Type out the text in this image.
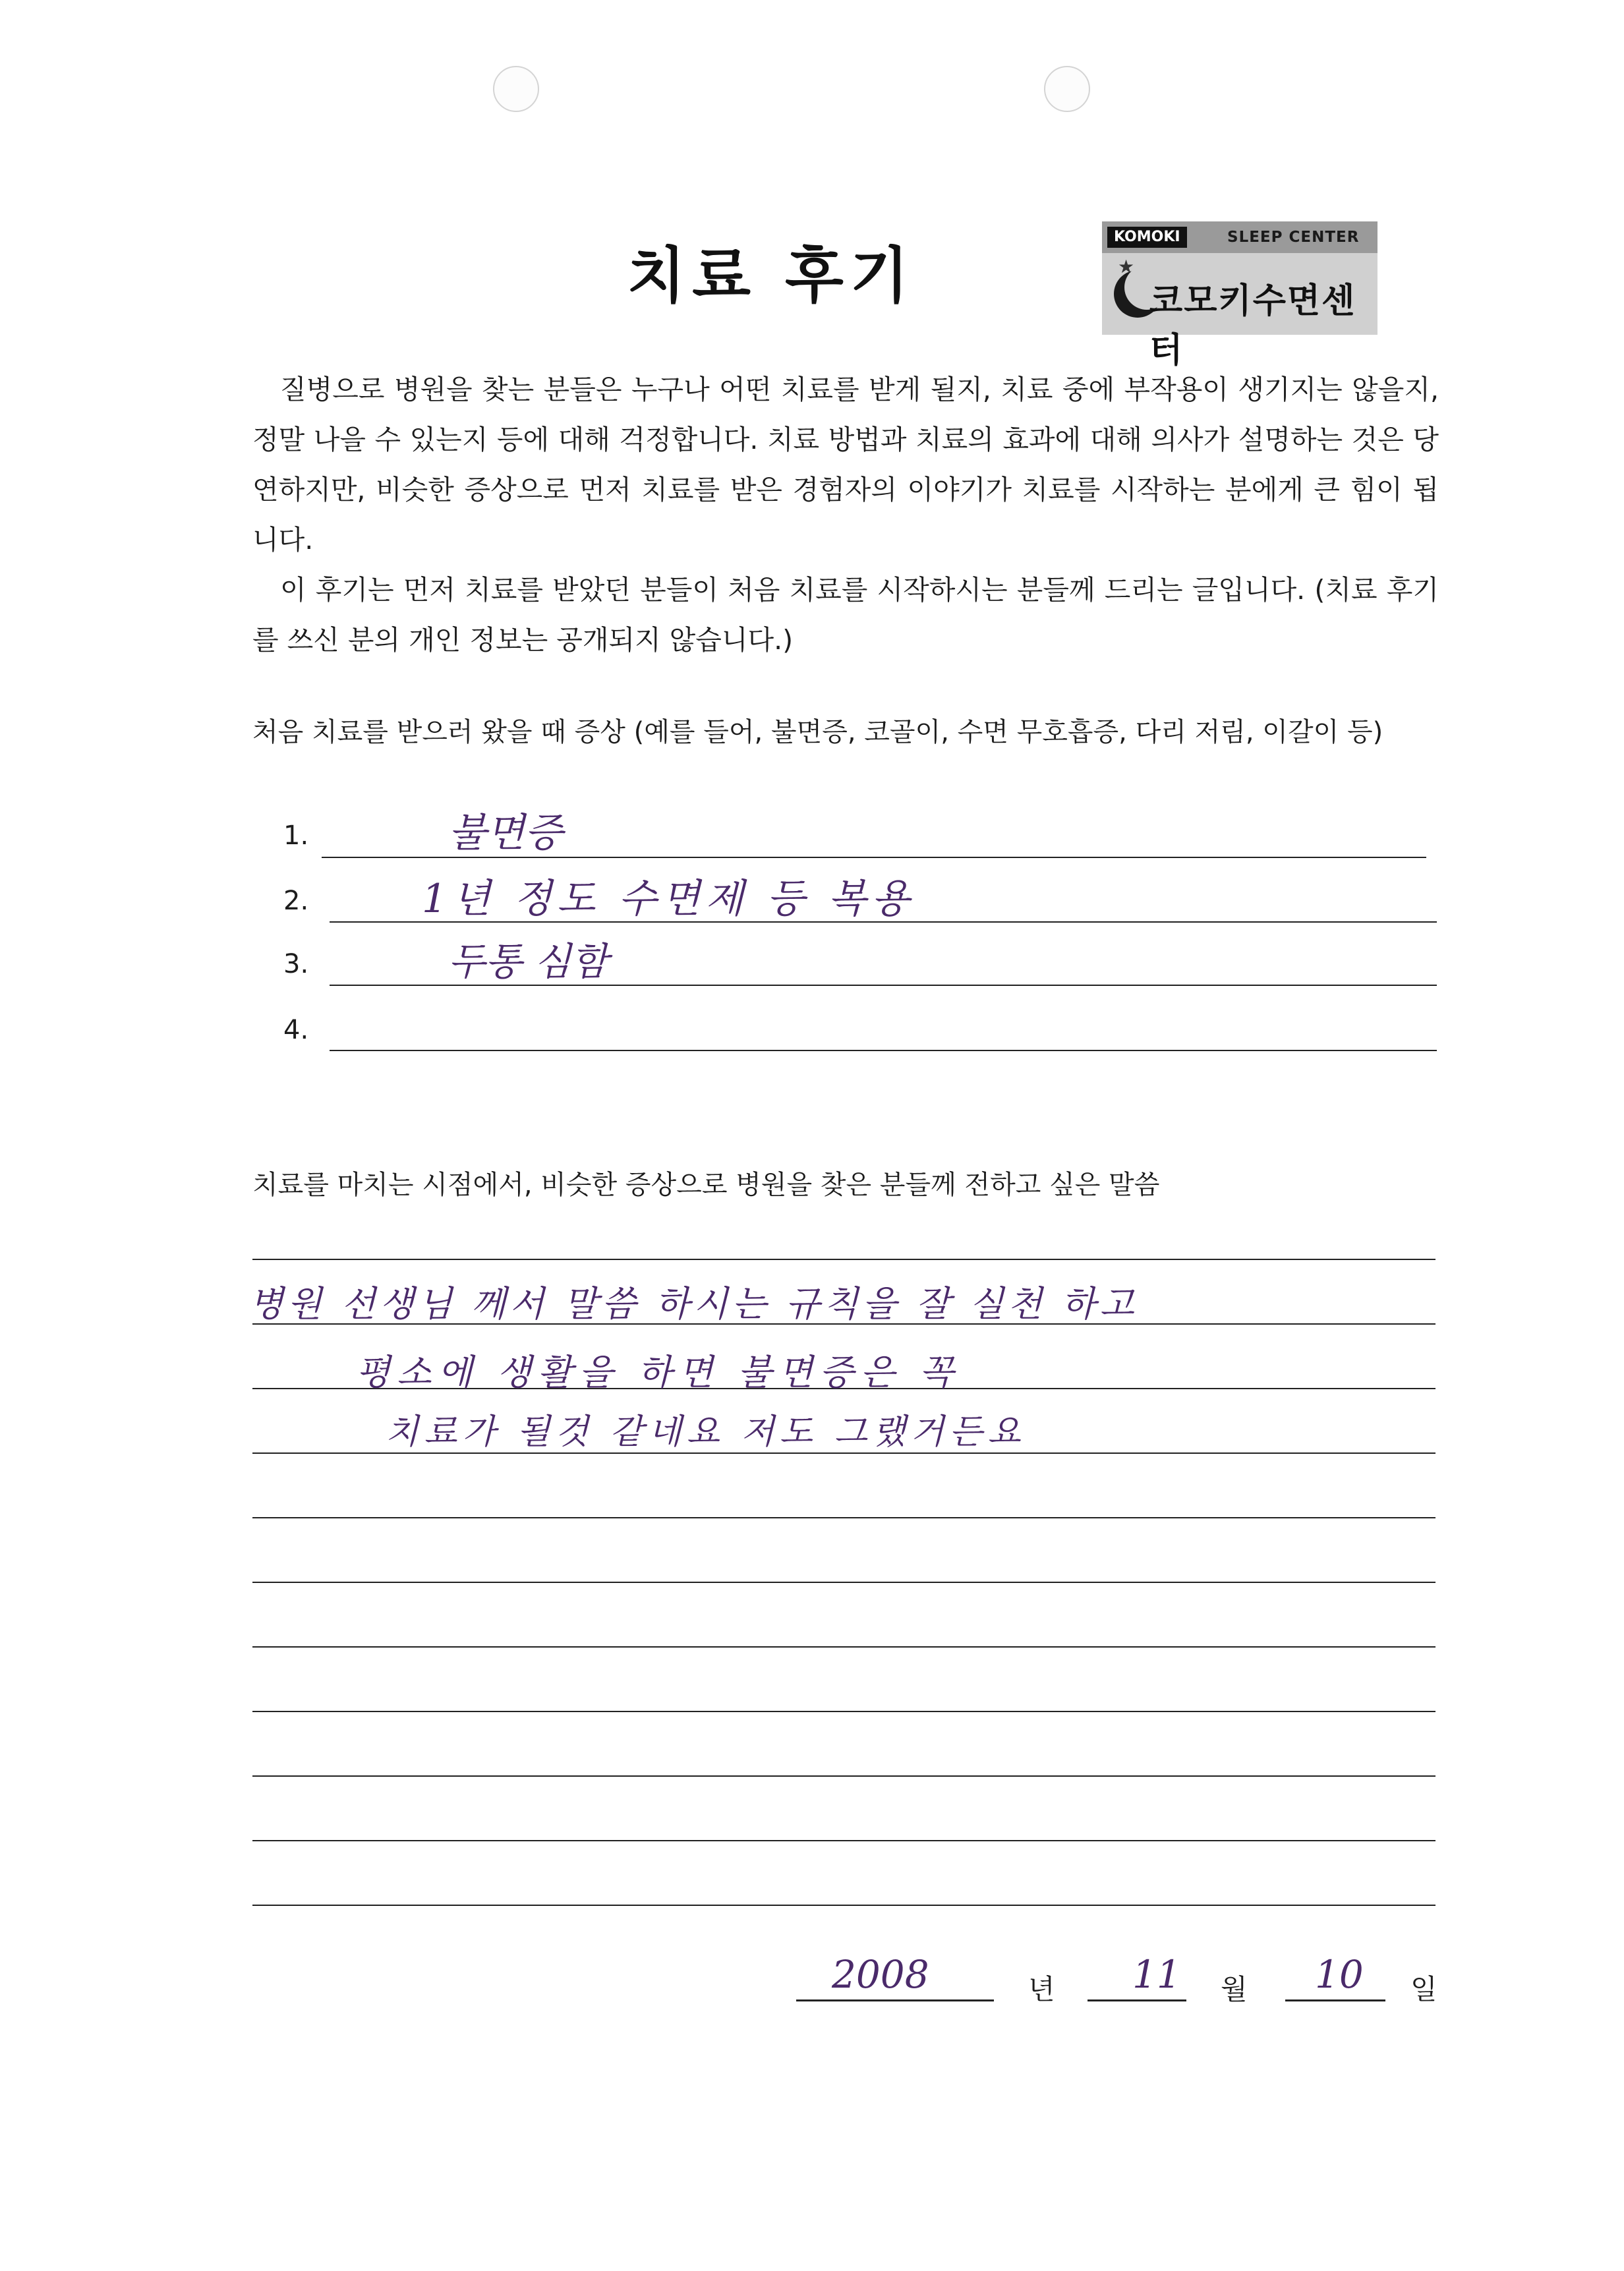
치료 후기
KOMOKI	SLEEP CENTER
★
코모키수면센터

질병으로 병원을 찾는 분들은 누구나 어떤 치료를 받게 될지, 치료 중에 부작용이 생기지는 않을지, 정말 나을 수 있는지 등에 대해 걱정합니다. 치료 방법과 치료의 효과에 대해 의사가 설명하는 것은 당연하지만, 비슷한 증상으로 먼저 치료를 받은 경험자의 이야기가 치료를 시작하는 분에게 큰 힘이 됩니다.

이 후기는 먼저 치료를 받았던 분들이 처음 치료를 시작하시는 분들께 드리는 글입니다. (치료 후기를 쓰신 분의 개인 정보는 공개되지 않습니다.)

처음 치료를 받으러 왔을 때 증상 (예를 들어, 불면증, 코골이, 수면 무호흡증, 다리 저림, 이갈이 등)

1.	불면증
2.	1년 정도 수면제 등 복용
3.	두통 심함
4.

치료를 마치는 시점에서, 비슷한 증상으로 병원을 찾은 분들께 전하고 싶은 말씀

병원 선생님 께서 말씀 하시는 규칙을 잘 실천 하고
평소에 생활을 하면 불면증은 꼭
치료가 될것 같네요 저도 그랬거든요
2008	년 11 월 10 일
